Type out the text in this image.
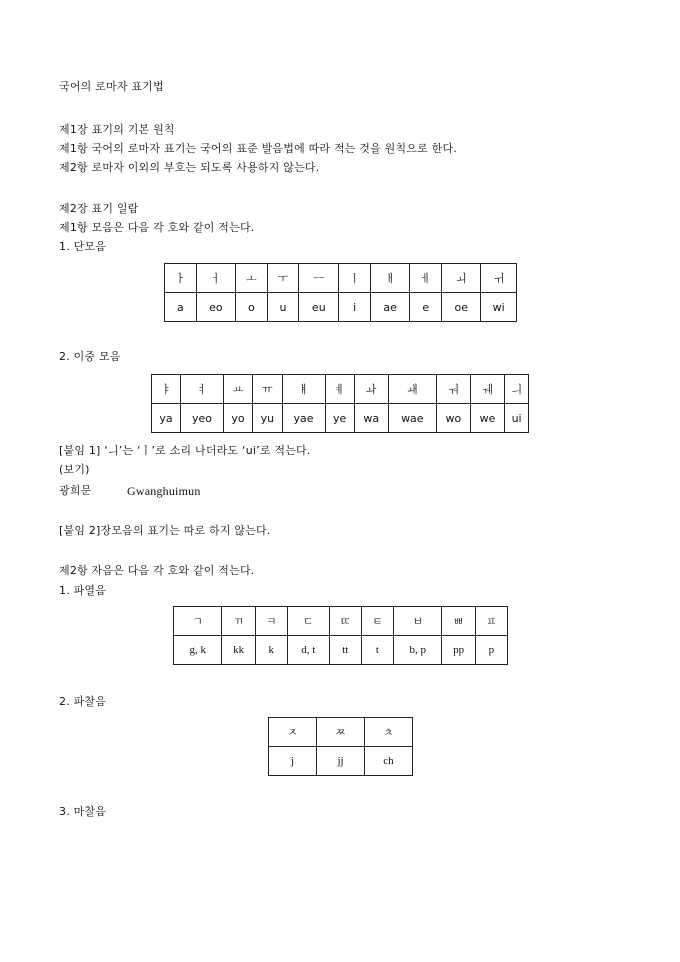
국어의 로마자 표기법
제1장 표기의 기본 원칙
제1항 국어의 로마자 표기는 국어의 표준 발음법에 따라 적는 것을 원칙으로 한다.
제2항 로마자 이외의 부호는 되도록 사용하지 않는다.
제2장 표기 일람
제1항 모음은 다음 각 호와 같이 적는다.
1. 단모음
ㅏ	ㅓ	ㅗ	ㅜ	ㅡ	ㅣ	ㅐ	ㅔ	ㅚ	ㅟ
a	eo	o	u	eu	i	ae	e	oe	wi
2. 이중 모음
ㅑ	ㅕ	ㅛ	ㅠ	ㅒ	ㅖ	ㅘ	ㅙ	ㅝ	ㅞ	ㅢ
ya	yeo	yo	yu	yae	ye	wa	wae	wo	we	ui
[붙임 1] ‘ㅢ’는 ‘ㅣ’로 소리 나더라도 ‘ui’로 적는다.
(보기)
광희문	Gwanghuimun
[붙임 2]장모음의 표기는 따로 하지 않는다.
제2항 자음은 다음 각 호와 같이 적는다.
1. 파열음
ㄱ	ㄲ	ㅋ	ㄷ	ㄸ	ㅌ	ㅂ	ㅃ	ㅍ
g, k	kk	k	d, t	tt	t	b, p	pp	p
2. 파찰음
ㅈ	ㅉ	ㅊ
j	jj	ch
3. 마찰음
